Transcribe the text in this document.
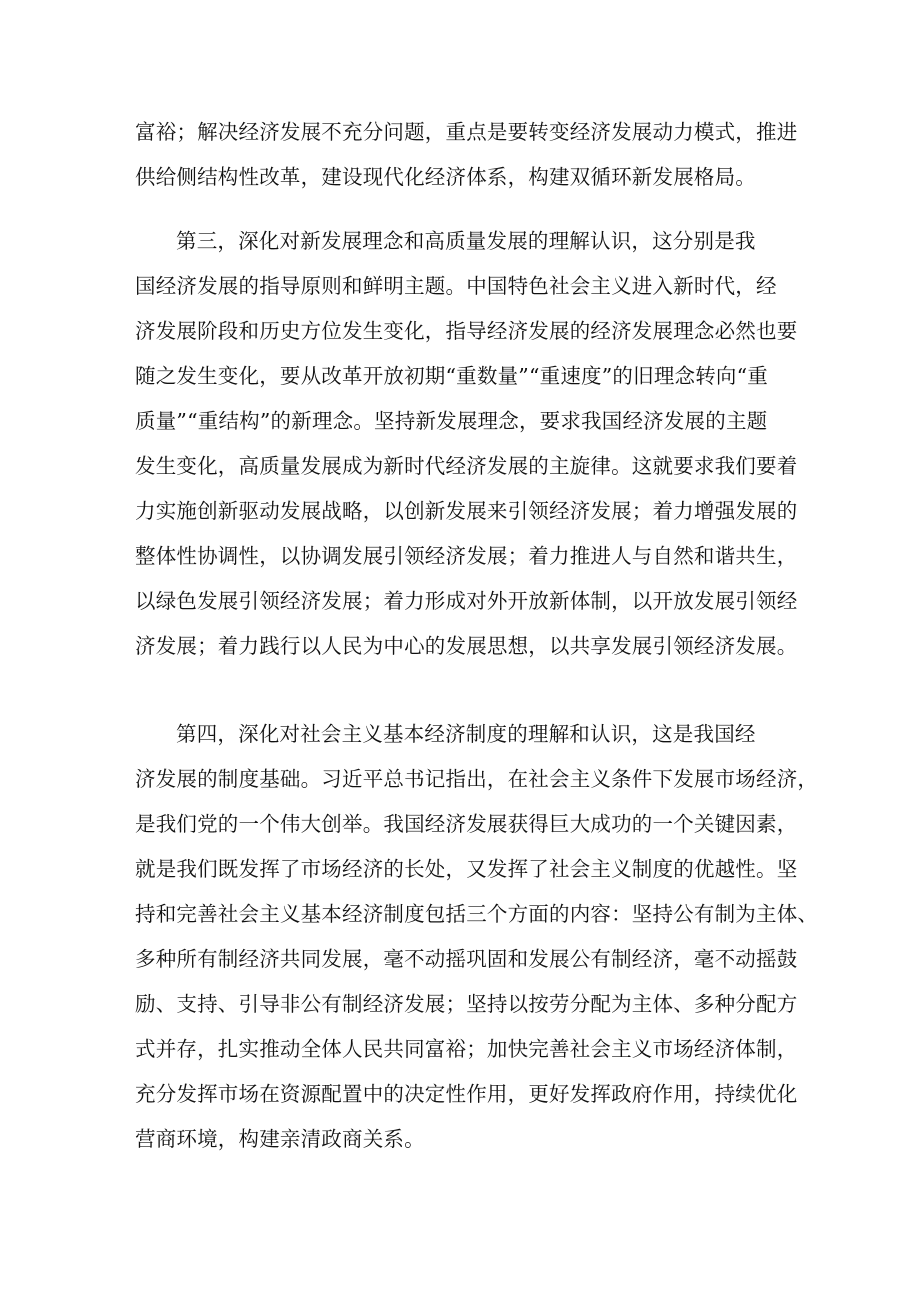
富裕；解决经济发展不充分问题，重点是要转变经济发展动力模式，推进
供给侧结构性改革，建设现代化经济体系，构建双循环新发展格局。
第三，深化对新发展理念和高质量发展的理解认识，这分别是我
国经济发展的指导原则和鲜明主题。中国特色社会主义进入新时代，经
济发展阶段和历史方位发生变化，指导经济发展的经济发展理念必然也要
随之发生变化，要从改革开放初期“重数量”“重速度”的旧理念转向“重
质量”“重结构”的新理念。坚持新发展理念，要求我国经济发展的主题
发生变化，高质量发展成为新时代经济发展的主旋律。这就要求我们要着
力实施创新驱动发展战略，以创新发展来引领经济发展；着力增强发展的
整体性协调性，以协调发展引领经济发展；着力推进人与自然和谐共生，
以绿色发展引领经济发展；着力形成对外开放新体制，以开放发展引领经
济发展；着力践行以人民为中心的发展思想，以共享发展引领经济发展。
第四，深化对社会主义基本经济制度的理解和认识，这是我国经
济发展的制度基础。习近平总书记指出，在社会主义条件下发展市场经济，
是我们党的一个伟大创举。我国经济发展获得巨大成功的一个关键因素，
就是我们既发挥了市场经济的长处，又发挥了社会主义制度的优越性。坚
持和完善社会主义基本经济制度包括三个方面的内容：坚持公有制为主体、
多种所有制经济共同发展，毫不动摇巩固和发展公有制经济，毫不动摇鼓
励、支持、引导非公有制经济发展；坚持以按劳分配为主体、多种分配方
式并存，扎实推动全体人民共同富裕；加快完善社会主义市场经济体制，
充分发挥市场在资源配置中的决定性作用，更好发挥政府作用，持续优化
营商环境，构建亲清政商关系。
